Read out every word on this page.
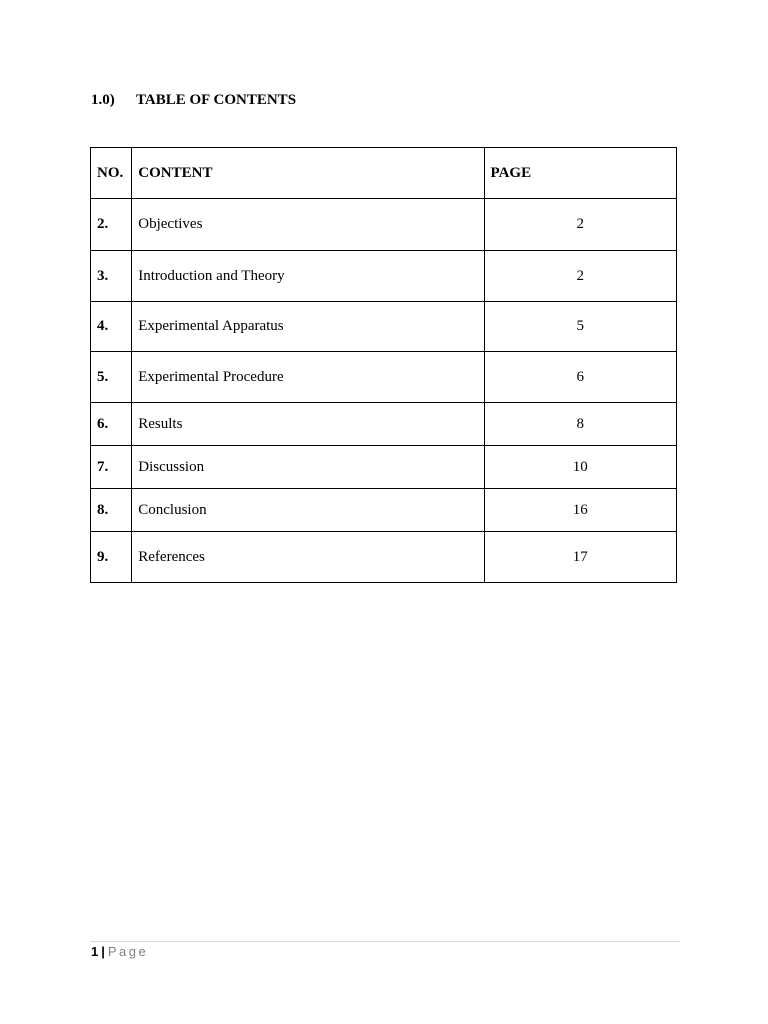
1.0) TABLE OF CONTENTS
NO.	CONTENT	PAGE
2.	Objectives	2
3.	Introduction and Theory	2
4.	Experimental Apparatus	5
5.	Experimental Procedure	6
6.	Results	8
7.	Discussion	10
8.	Conclusion	16
9.	References	17
1 | Page
